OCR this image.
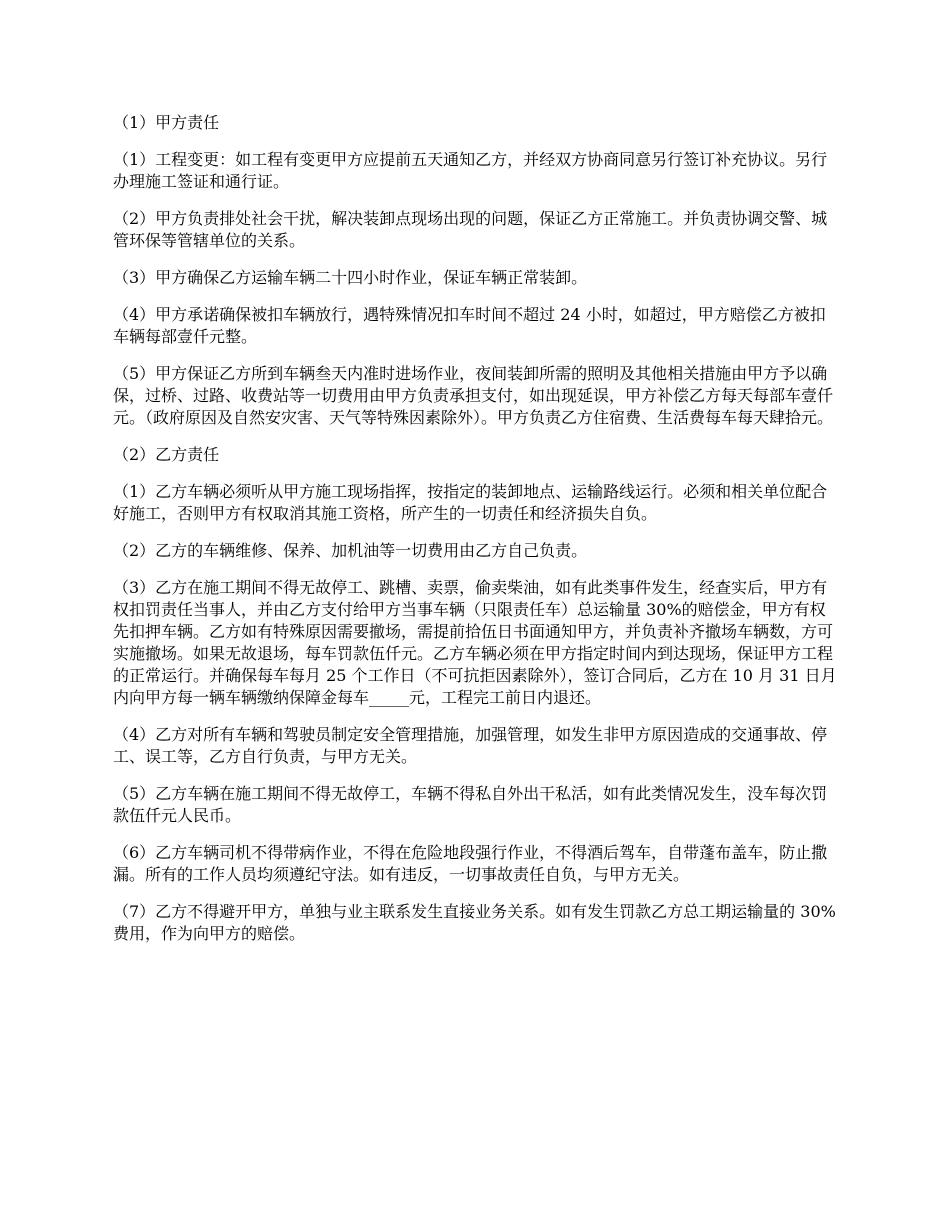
（1）甲方责任

（1）工程变更：如工程有变更甲方应提前五天通知乙方，并经双方协商同意另行签订补充协议。另行办理施工签证和通行证。

（2）甲方负责排处社会干扰，解决装卸点现场出现的问题，保证乙方正常施工。并负责协调交警、城管环保等管辖单位的关系。

（3）甲方确保乙方运输车辆二十四小时作业，保证车辆正常装卸。

（4）甲方承诺确保被扣车辆放行，遇特殊情况扣车时间不超过 24 小时，如超过，甲方赔偿乙方被扣车辆每部壹仟元整。

（5）甲方保证乙方所到车辆叁天内准时进场作业，夜间装卸所需的照明及其他相关措施由甲方予以确保，过桥、过路、收费站等一切费用由甲方负责承担支付，如出现延误，甲方补偿乙方每天每部车壹仟元。（政府原因及自然安灾害、天气等特殊因素除外）。甲方负责乙方住宿费、生活费每车每天肆拾元。

（2）乙方责任

（1）乙方车辆必须听从甲方施工现场指挥，按指定的装卸地点、运输路线运行。必须和相关单位配合好施工，否则甲方有权取消其施工资格，所产生的一切责任和经济损失自负。

（2）乙方的车辆维修、保养、加机油等一切费用由乙方自己负责。

（3）乙方在施工期间不得无故停工、跳槽、卖票，偷卖柴油，如有此类事件发生，经查实后，甲方有权扣罚责任当事人，并由乙方支付给甲方当事车辆（只限责任车）总运输量 30%的赔偿金，甲方有权先扣押车辆。乙方如有特殊原因需要撤场，需提前拾伍日书面通知甲方，并负责补齐撤场车辆数，方可实施撤场。如果无故退场，每车罚款伍仟元。乙方车辆必须在甲方指定时间内到达现场，保证甲方工程的正常运行。并确保每车每月 25 个工作日（不可抗拒因素除外），签订合同后，乙方在 10 月 31 日月内向甲方每一辆车辆缴纳保障金每车_____元，工程完工前日内退还。

（4）乙方对所有车辆和驾驶员制定安全管理措施，加强管理，如发生非甲方原因造成的交通事故、停工、误工等，乙方自行负责，与甲方无关。

（5）乙方车辆在施工期间不得无故停工，车辆不得私自外出干私活，如有此类情况发生，没车每次罚款伍仟元人民币。

（6）乙方车辆司机不得带病作业，不得在危险地段强行作业，不得酒后驾车，自带蓬布盖车，防止撒漏。所有的工作人员均须遵纪守法。如有违反，一切事故责任自负，与甲方无关。

（7）乙方不得避开甲方，单独与业主联系发生直接业务关系。如有发生罚款乙方总工期运输量的 30%费用，作为向甲方的赔偿。
